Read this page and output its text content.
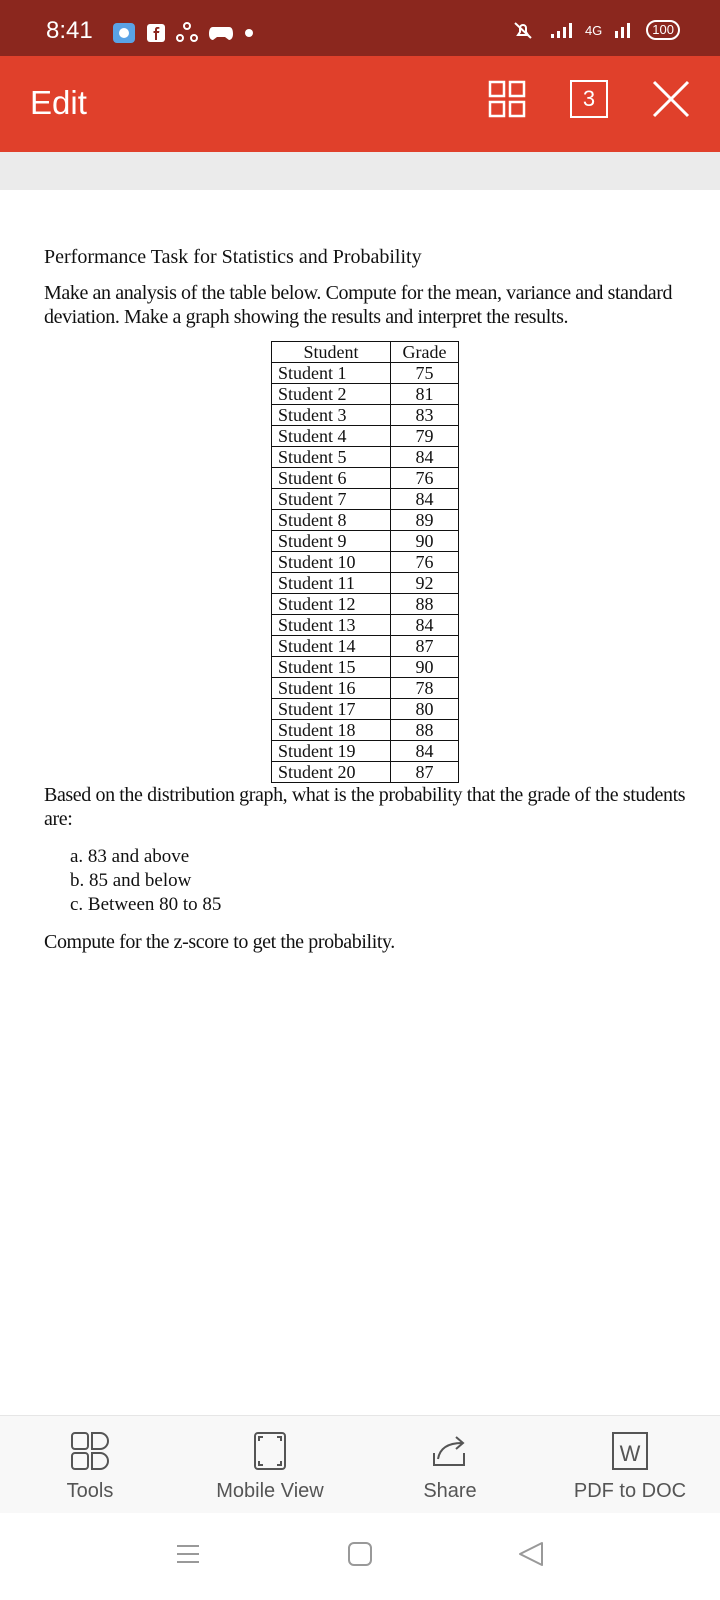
8:41	4G	100
Edit	3

Performance Task for Statistics and Probability

Make an analysis of the table below. Compute for the mean, variance and standard deviation. Make a graph showing the results and interpret the results.

Student	Grade
Student 1	75
Student 2	81
Student 3	83
Student 4	79
Student 5	84
Student 6	76
Student 7	84
Student 8	89
Student 9	90
Student 10	76
Student 11	92
Student 12	88
Student 13	84
Student 14	87
Student 15	90
Student 16	78
Student 17	80
Student 18	88
Student 19	84
Student 20	87

Based on the distribution graph, what is the probability that the grade of the students are:

a. 83 and above
b. 85 and below
c. Between 80 to 85

Compute for the z-score to get the probability.

Tools	Mobile View	Share
W
PDF to DOC
